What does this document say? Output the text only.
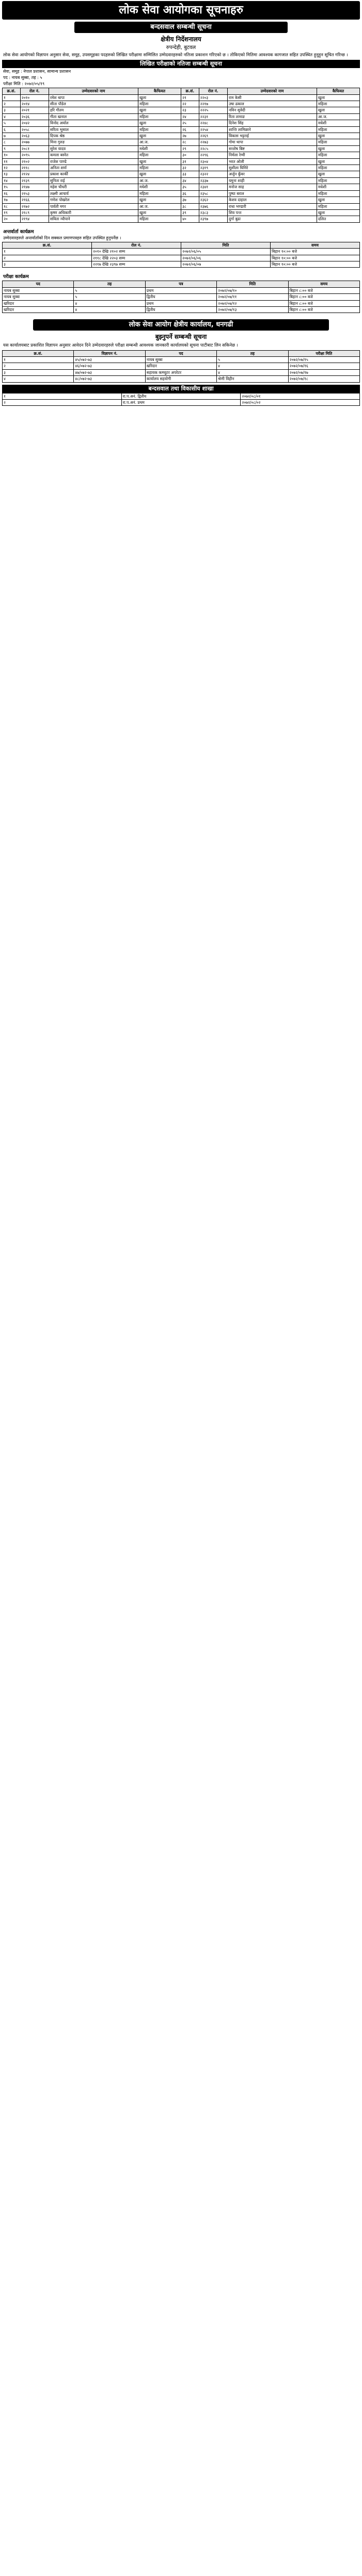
लोक सेवा आयोगका सूचनाहरु
बन्दसवाल सम्बन्धी सूचना
क्षेत्रीय निर्देशनालय
रुपन्देही, बुटवल

लोक सेवा आयोगको विज्ञापन अनुसार सेवा, समूह, उपसमूहका पदहरुको लिखित परीक्षामा सम्मिलित उम्मेदवारहरुको नतिजा प्रकाशन गरिएको छ । तोकिएको मितिमा आवश्यक कागजात सहित उपस्थित हुनुहुन सूचित गरिन्छ ।

लिखित परीक्षाको नतिजा सम्बन्धी सूचना
सेवा, समूह : नेपाल प्रशासन, सामान्य प्रशासन
पद : नायब सुब्बा, तह : ५
परीक्षा मिति : २०७२/०५/१९
क्र.सं.	रोल नं.	उम्मेदवारको नाम	कैफियत	क्र.सं.	रोल नं.	उम्मेदवारको नाम	कैफियत
१	२०१०	रमेश थापा	खुला	२१	२२०३	राम केसी	खुला
२	२०१४	सीता पौडेल	महिला	२२	२२१७	उषा ढकाल	महिला
३	२०२१	हरि गौतम	खुला	२३	२२२५	नविन सुवेदी	खुला
४	२०३६	गीता खनाल	महिला	२४	२२३१	रिता तामाङ	आ.ज.
५	२०४२	विनोद अर्याल	खुला	२५	२२४८	दिनेश सिंह	मधेशी
६	२०५८	सरिता भुसाल	महिला	२६	२२५४	शान्ति लामिछाने	महिला
७	२०६३	दिपक श्रेष्ठ	खुला	२७	२२६९	विकास भट्टराई	खुला
८	२०७७	मिना गुरुङ	आ.ज.	२८	२२७३	गोमा थापा	महिला
९	२०८१	सुरेश यादव	मधेशी	२९	२२८५	सन्तोष बिष्ट	खुला
१०	२०९५	कमला बस्नेत	महिला	३०	२२९६	निर्मला रेग्मी	महिला
११	२१०२	राजेश पाण्डे	खुला	३१	२३०४	भरत ओली	खुला
१२	२११८	अनिता शर्मा	महिला	३२	२३१९	सुशीला घिमिरे	महिला
१३	२१२४	प्रकाश कार्की	खुला	३३	२३२२	अर्जुन कुँवर	खुला
१४	२१३९	सुनिता राई	आ.ज.	३४	२३३७	यमुना शाही	महिला
१५	२१४७	महेश चौधरी	मधेशी	३५	२३४१	मनोज साह	मधेशी
१६	२१५३	लक्ष्मी आचार्य	महिला	३६	२३५८	पुष्पा बराल	महिला
१७	२१६६	गणेश पोखरेल	खुला	३७	२३६२	केशव दाहाल	खुला
१८	२१७२	पार्वती मगर	आ.ज.	३८	२३७६	राधा भण्डारी	महिला
१९	२१८९	कृष्ण अधिकारी	खुला	३९	२३८३	शिव पन्त	खुला
२०	२१९४	सविता न्यौपाने	महिला	४०	२३९७	दुर्गा बुढा	दलित
अन्तर्वार्ता कार्यक्रम
उम्मेदवारहरुले अन्तर्वार्ताको दिन सक्कल प्रमाणपत्रहरु सहित उपस्थित हुनुपर्नेछ ।
क्र.सं.	रोल नं.	मिति	समय
१	२०१० देखि २१०२ सम्म	२०७२/०६/०५	बिहान १०:०० बजे
२	२११८ देखि २२०३ सम्म	२०७२/०६/०६	बिहान १०:०० बजे
३	२२१७ देखि २३९७ सम्म	२०७२/०६/०७	बिहान १०:०० बजे
परीक्षा कार्यक्रम
पद	तह	पत्र	मिति	समय
नायब सुब्बा	५	प्रथम	२०७२/०७/१०	बिहान ८:०० बजे
नायब सुब्बा	५	द्वितीय	२०७२/०७/११	बिहान ८:०० बजे
खरिदार	४	प्रथम	२०७२/०७/१२	बिहान ८:०० बजे
खरिदार	४	द्वितीय	२०७२/०७/१३	बिहान ८:०० बजे
लोक सेवा आयोग क्षेत्रीय कार्यालय, धनगढी
बुझ्नुपर्ने सम्बन्धी सूचना

यस कार्यालयबाट प्रकाशित विज्ञापन अनुसार आवेदन दिने उम्मेदवारहरुले परीक्षा सम्बन्धी आवश्यक जानकारी कार्यालयको सूचना पाटीबाट लिन सकिनेछ ।

क्र.सं.	विज्ञापन नं.	पद	तह	परीक्षा मिति
१	४५/०७२-७३	नायब सुब्बा	५	२०७२/०७/१५
२	४६/०७२-७३	खरिदार	४	२०७२/०७/१६
३	४७/०७२-७३	सहायक कम्प्युटर अपरेटर	४	२०७२/०७/१७
४	४८/०७२-७३	कार्यालय सहयोगी	श्रेणी विहीन	२०७२/०७/१८
बन्दसवाल तथा विकासीय शाखा
१	रा.प.अनं. द्वितीय	२०७२/०८/०१
२	रा.प.अनं. प्रथम	२०७२/०८/०२
